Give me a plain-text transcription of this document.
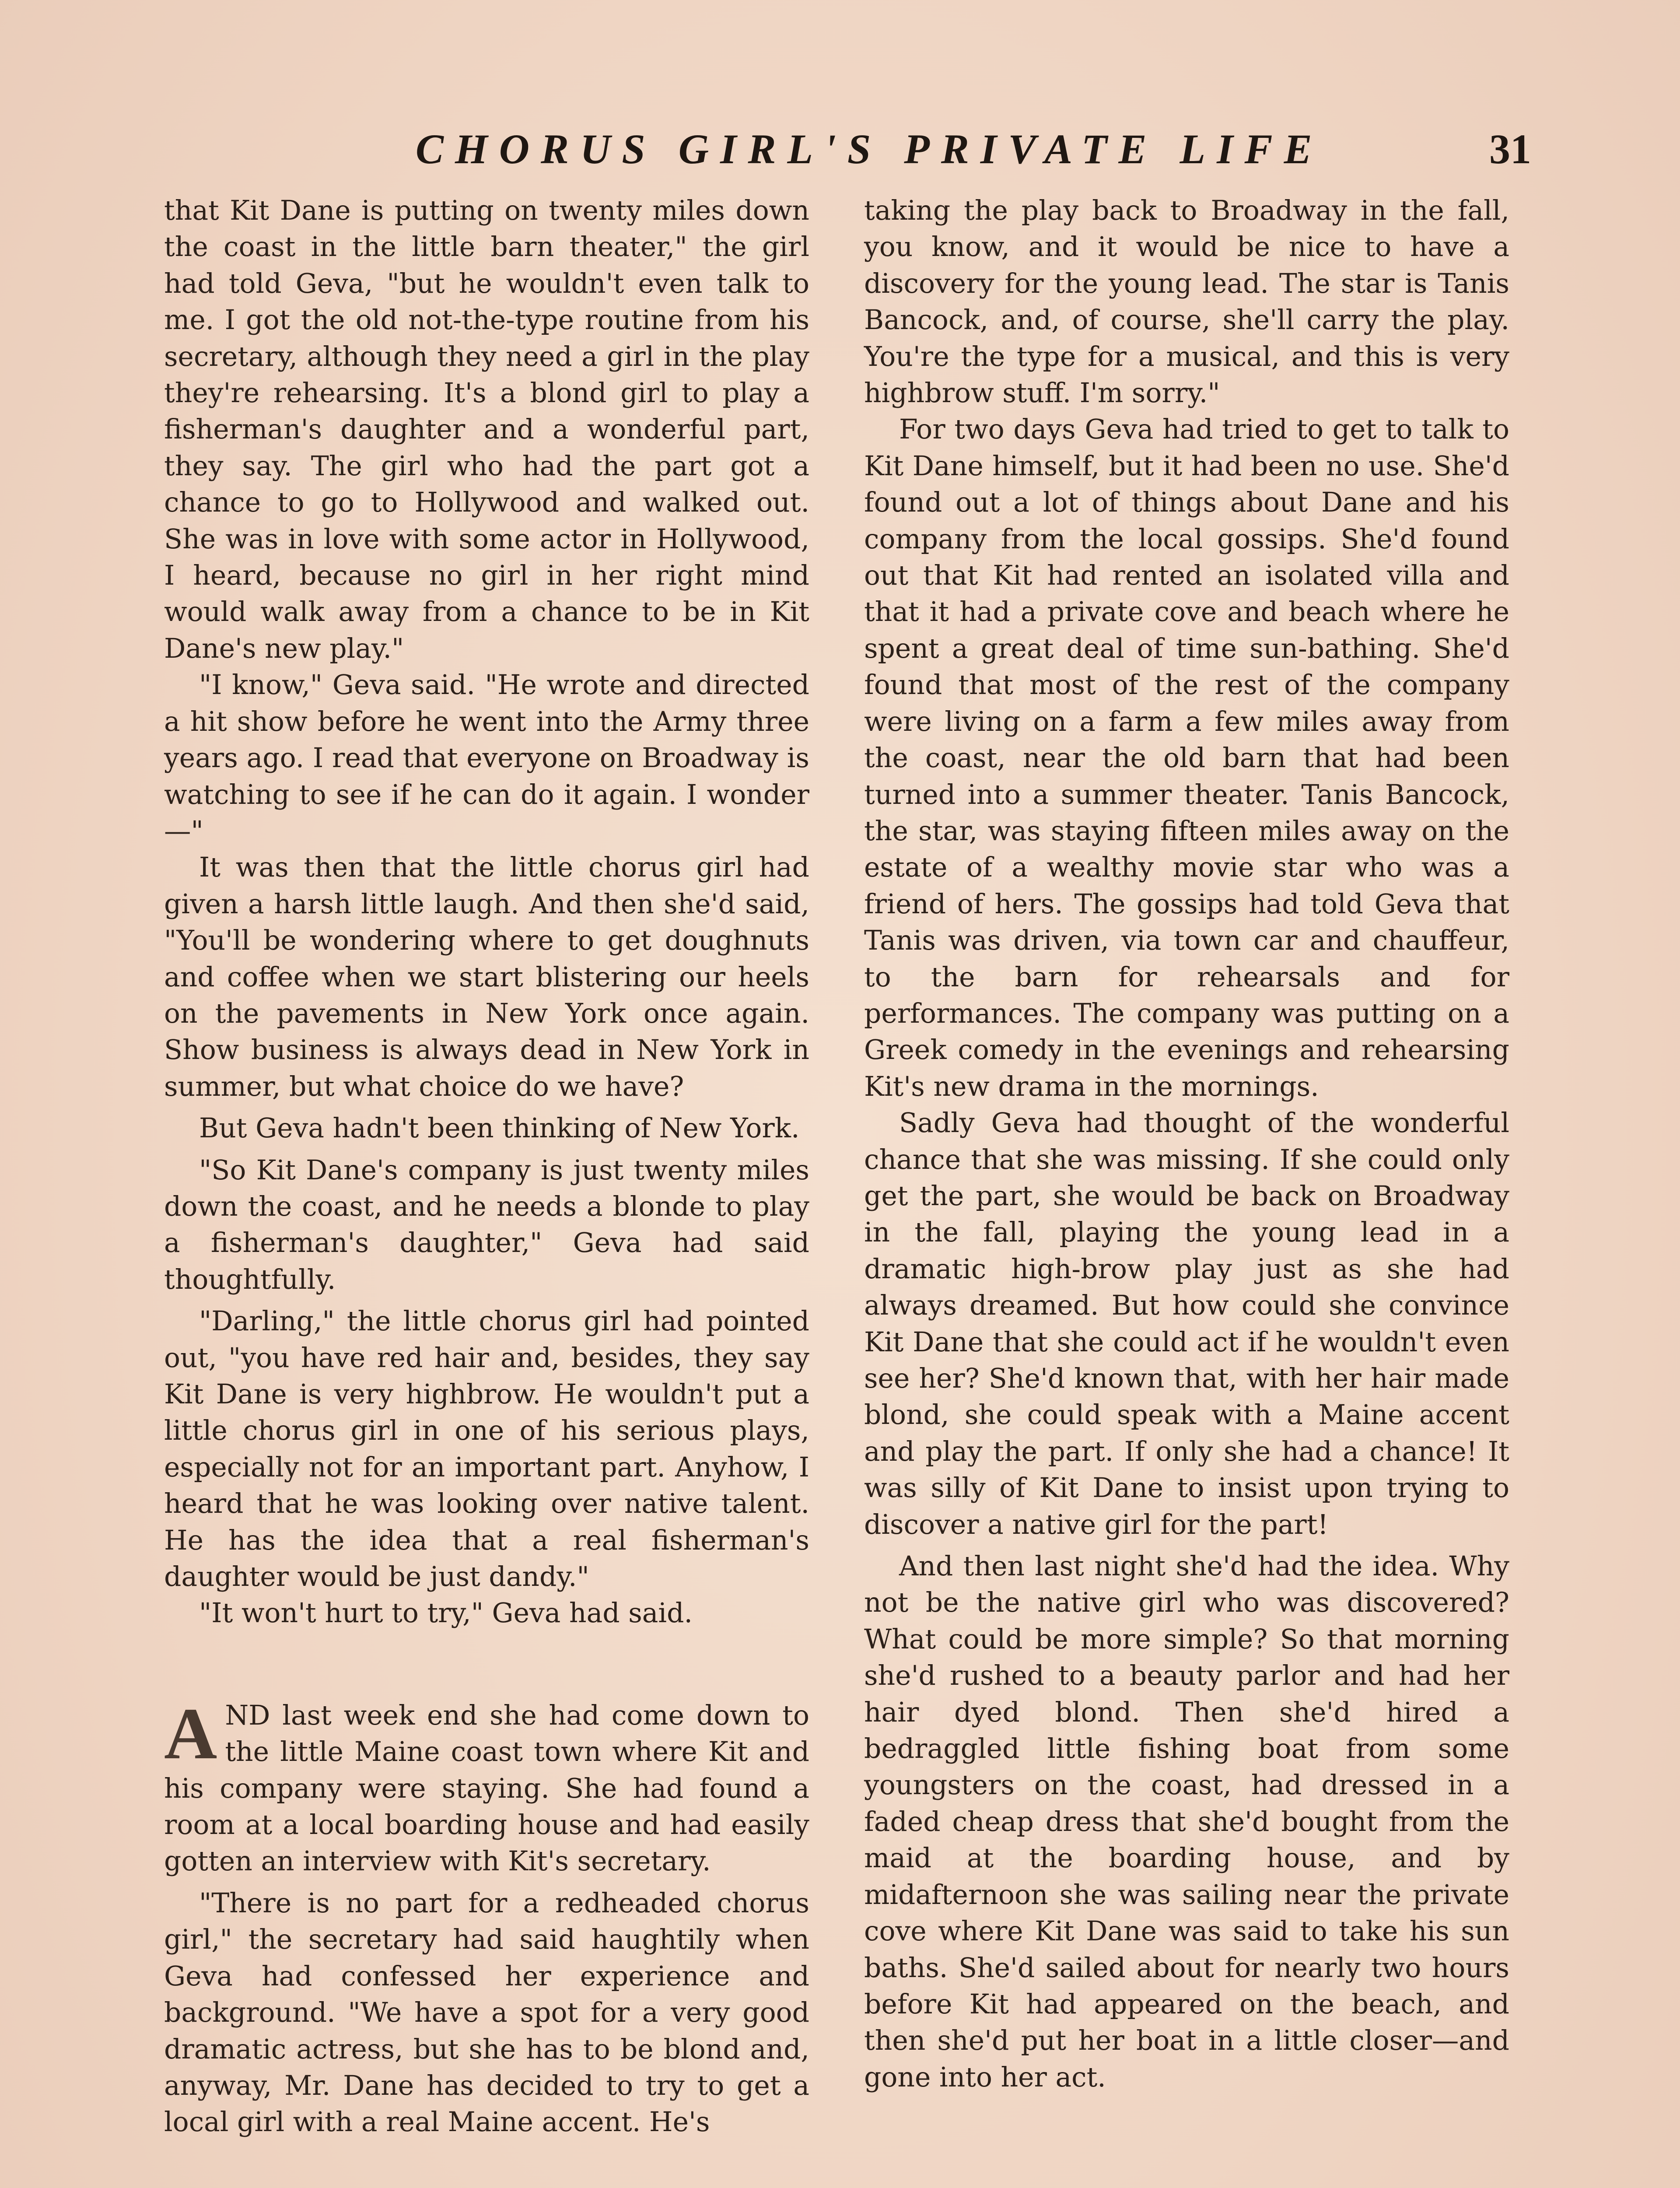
CHORUS GIRL'S PRIVATE LIFE	31

that Kit Dane is putting on twenty miles down the coast in the little barn theater," the girl had told Geva, "but he wouldn't even talk to me. I got the old not-the-type routine from his secretary, although they need a girl in the play they're rehearsing. It's a blond girl to play a fisherman's daughter and a wonderful part, they say. The girl who had the part got a chance to go to Hollywood and walked out. She was in love with some actor in Hollywood, I heard, because no girl in her right mind would walk away from a chance to be in Kit Dane's new play."

"I know," Geva said. "He wrote and directed a hit show before he went into the Army three years ago. I read that everyone on Broadway is watching to see if he can do it again. I wonder—"

It was then that the little chorus girl had given a harsh little laugh. And then she'd said, "You'll be wondering where to get doughnuts and coffee when we start blistering our heels on the pavements in New York once again. Show business is always dead in New York in summer, but what choice do we have?

But Geva hadn't been thinking of New York.

"So Kit Dane's company is just twenty miles down the coast, and he needs a blonde to play a fisherman's daughter," Geva had said thoughtfully.

"Darling," the little chorus girl had pointed out, "you have red hair and, besides, they say Kit Dane is very highbrow. He wouldn't put a little chorus girl in one of his serious plays, especially not for an important part. Anyhow, I heard that he was looking over native talent. He has the idea that a real fisherman's daughter would be just dandy."

"It won't hurt to try," Geva had said.

AND last week end she had come down to the little Maine coast town where Kit and his company were staying. She had found a room at a local boarding house and had easily gotten an interview with Kit's secretary.

"There is no part for a redheaded chorus girl," the secretary had said haughtily when Geva had confessed her experience and background. "We have a spot for a very good dramatic actress, but she has to be blond and, anyway, Mr. Dane has decided to try to get a local girl with a real Maine accent. He's

taking the play back to Broadway in the fall, you know, and it would be nice to have a discovery for the young lead. The star is Tanis Bancock, and, of course, she'll carry the play. You're the type for a musical, and this is very highbrow stuff. I'm sorry."

For two days Geva had tried to get to talk to Kit Dane himself, but it had been no use. She'd found out a lot of things about Dane and his company from the local gossips. She'd found out that Kit had rented an isolated villa and that it had a private cove and beach where he spent a great deal of time sun-bathing. She'd found that most of the rest of the company were living on a farm a few miles away from the coast, near the old barn that had been turned into a summer theater. Tanis Bancock, the star, was staying fifteen miles away on the estate of a wealthy movie star who was a friend of hers. The gossips had told Geva that Tanis was driven, via town car and chauffeur, to the barn for rehearsals and for performances. The company was putting on a Greek comedy in the evenings and rehearsing Kit's new drama in the mornings.

Sadly Geva had thought of the wonderful chance that she was missing. If she could only get the part, she would be back on Broadway in the fall, playing the young lead in a dramatic high-brow play just as she had always dreamed. But how could she convince Kit Dane that she could act if he wouldn't even see her? She'd known that, with her hair made blond, she could speak with a Maine accent and play the part. If only she had a chance! It was silly of Kit Dane to insist upon trying to discover a native girl for the part!

And then last night she'd had the idea. Why not be the native girl who was discovered? What could be more simple? So that morning she'd rushed to a beauty parlor and had her hair dyed blond. Then she'd hired a bedraggled little fishing boat from some youngsters on the coast, had dressed in a faded cheap dress that she'd bought from the maid at the boarding house, and by midafternoon she was sailing near the private cove where Kit Dane was said to take his sun baths. She'd sailed about for nearly two hours before Kit had appeared on the beach, and then she'd put her boat in a little closer—and gone into her act.
